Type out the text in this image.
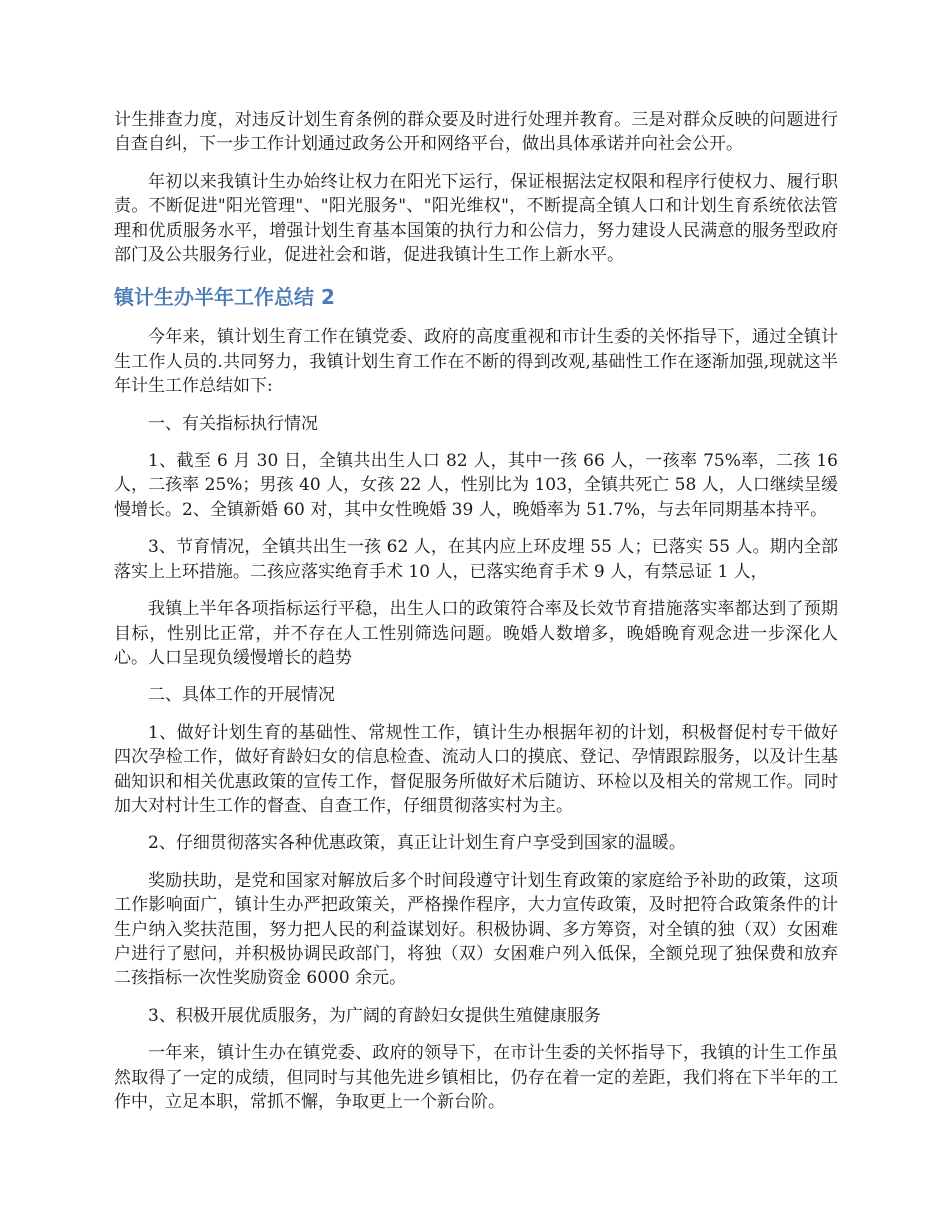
计生排查力度，对违反计划生育条例的群众要及时进行处理并教育。三是对群众反映的问题进行自查自纠，下一步工作计划通过政务公开和网络平台，做出具体承诺并向社会公开。

年初以来我镇计生办始终让权力在阳光下运行，保证根据法定权限和程序行使权力、履行职责。不断促进"阳光管理"、"阳光服务"、"阳光维权"，不断提高全镇人口和计划生育系统依法管理和优质服务水平，增强计划生育基本国策的执行力和公信力，努力建设人民满意的服务型政府部门及公共服务行业，促进社会和谐，促进我镇计生工作上新水平。

镇计生办半年工作总结 2

今年来，镇计划生育工作在镇党委、政府的高度重视和市计生委的关怀指导下，通过全镇计生工作人员的.共同努力，我镇计划生育工作在不断的得到改观,基础性工作在逐渐加强,现就这半年计生工作总结如下:

一、有关指标执行情况

1、截至 6 月 30 日，全镇共出生人口 82 人，其中一孩 66 人，一孩率 75%率，二孩 16 人，二孩率 25%；男孩 40 人，女孩 22 人，性别比为 103，全镇共死亡 58 人，人口继续呈缓慢增长。2、全镇新婚 60 对，其中女性晚婚 39 人，晚婚率为 51.7%，与去年同期基本持平。

3、节育情况，全镇共出生一孩 62 人，在其内应上环皮埋 55 人；已落实 55 人。期内全部落实上上环措施。二孩应落实绝育手术 10 人，已落实绝育手术 9 人，有禁忌证 1 人，

我镇上半年各项指标运行平稳，出生人口的政策符合率及长效节育措施落实率都达到了预期目标，性别比正常，并不存在人工性别筛选问题。晚婚人数增多，晚婚晚育观念进一步深化人心。人口呈现负缓慢增长的趋势

二、具体工作的开展情况

1、做好计划生育的基础性、常规性工作，镇计生办根据年初的计划，积极督促村专干做好四次孕检工作，做好育龄妇女的信息检查、流动人口的摸底、登记、孕情跟踪服务，以及计生基础知识和相关优惠政策的宣传工作，督促服务所做好术后随访、环检以及相关的常规工作。同时加大对村计生工作的督查、自查工作，仔细贯彻落实村为主。

2、仔细贯彻落实各种优惠政策，真正让计划生育户享受到国家的温暖。

奖励扶助，是党和国家对解放后多个时间段遵守计划生育政策的家庭给予补助的政策，这项工作影响面广，镇计生办严把政策关，严格操作程序，大力宣传政策，及时把符合政策条件的计生户纳入奖扶范围，努力把人民的利益谋划好。积极协调、多方筹资，对全镇的独（双）女困难户进行了慰问，并积极协调民政部门，将独（双）女困难户列入低保，全额兑现了独保费和放弃二孩指标一次性奖励资金 6000 余元。

3、积极开展优质服务，为广阔的育龄妇女提供生殖健康服务

一年来，镇计生办在镇党委、政府的领导下，在市计生委的关怀指导下，我镇的计生工作虽然取得了一定的成绩，但同时与其他先进乡镇相比，仍存在着一定的差距，我们将在下半年的工作中，立足本职，常抓不懈，争取更上一个新台阶。
